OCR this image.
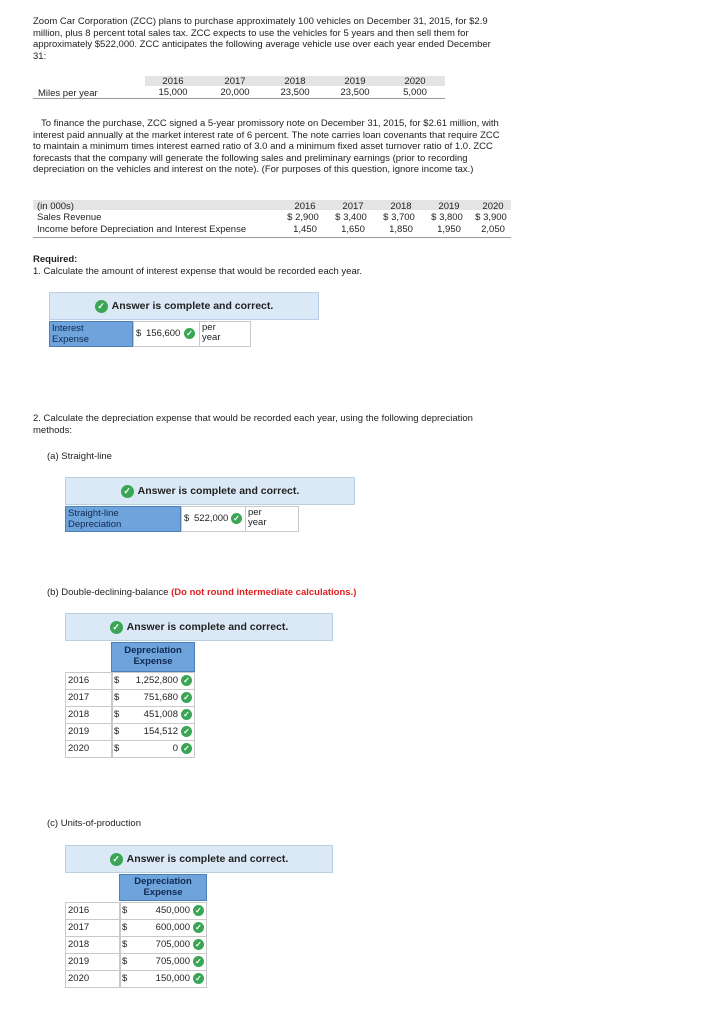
Zoom Car Corporation (ZCC) plans to purchase approximately 100 vehicles on December 31, 2015, for $2.9 million, plus 8 percent total sales tax. ZCC expects to use the vehicles for 5 years and then sell them for approximately $522,000. ZCC anticipates the following average vehicle use over each year ended December 31:
2016	2017	2018	2019	2020
Miles per year	15,000	20,000	23,500	23,500	5,000
To finance the purchase, ZCC signed a 5-year promissory note on December 31, 2015, for $2.61 million, with interest paid annually at the market interest rate of 6 percent. The note carries loan covenants that require ZCC to maintain a minimum times interest earned ratio of 3.0 and a minimum fixed asset turnover ratio of 1.0. ZCC forecasts that the company will generate the following sales and preliminary earnings (prior to recording depreciation on the vehicles and interest on the note). (For purposes of this question, ignore income tax.)
(in 000s)	2016	2017	2018	2019	2020
Sales Revenue	$ 2,900	$ 3,400	$ 3,700	$ 3,800	$ 3,900
Income before Depreciation and Interest Expense	1,450	1,650	1,850	1,950	2,050
Required:
1. Calculate the amount of interest expense that would be recorded each year.
✓ Answer is complete and correct.
Interest Expense
$ 156,600 ✓
per year
2. Calculate the depreciation expense that would be recorded each year, using the following depreciation methods:
(a) Straight-line
✓ Answer is complete and correct.
Straight-line Depreciation
$ 522,000 ✓
per year
(b) Double-declining-balance (Do not round intermediate calculations.)
✓ Answer is complete and correct.
Depreciation Expense
2016	$ 1,252,800 ✓
2017	$	751,680 ✓
2018	$	451,008 ✓
2019	$	154,512 ✓
2020	$	0 ✓
(c) Units-of-production
✓ Answer is complete and correct.
Depreciation Expense
2016	$	450,000 ✓
2017	$	600,000 ✓
2018	$	705,000 ✓
2019	$	705,000 ✓
2020	$	150,000 ✓
